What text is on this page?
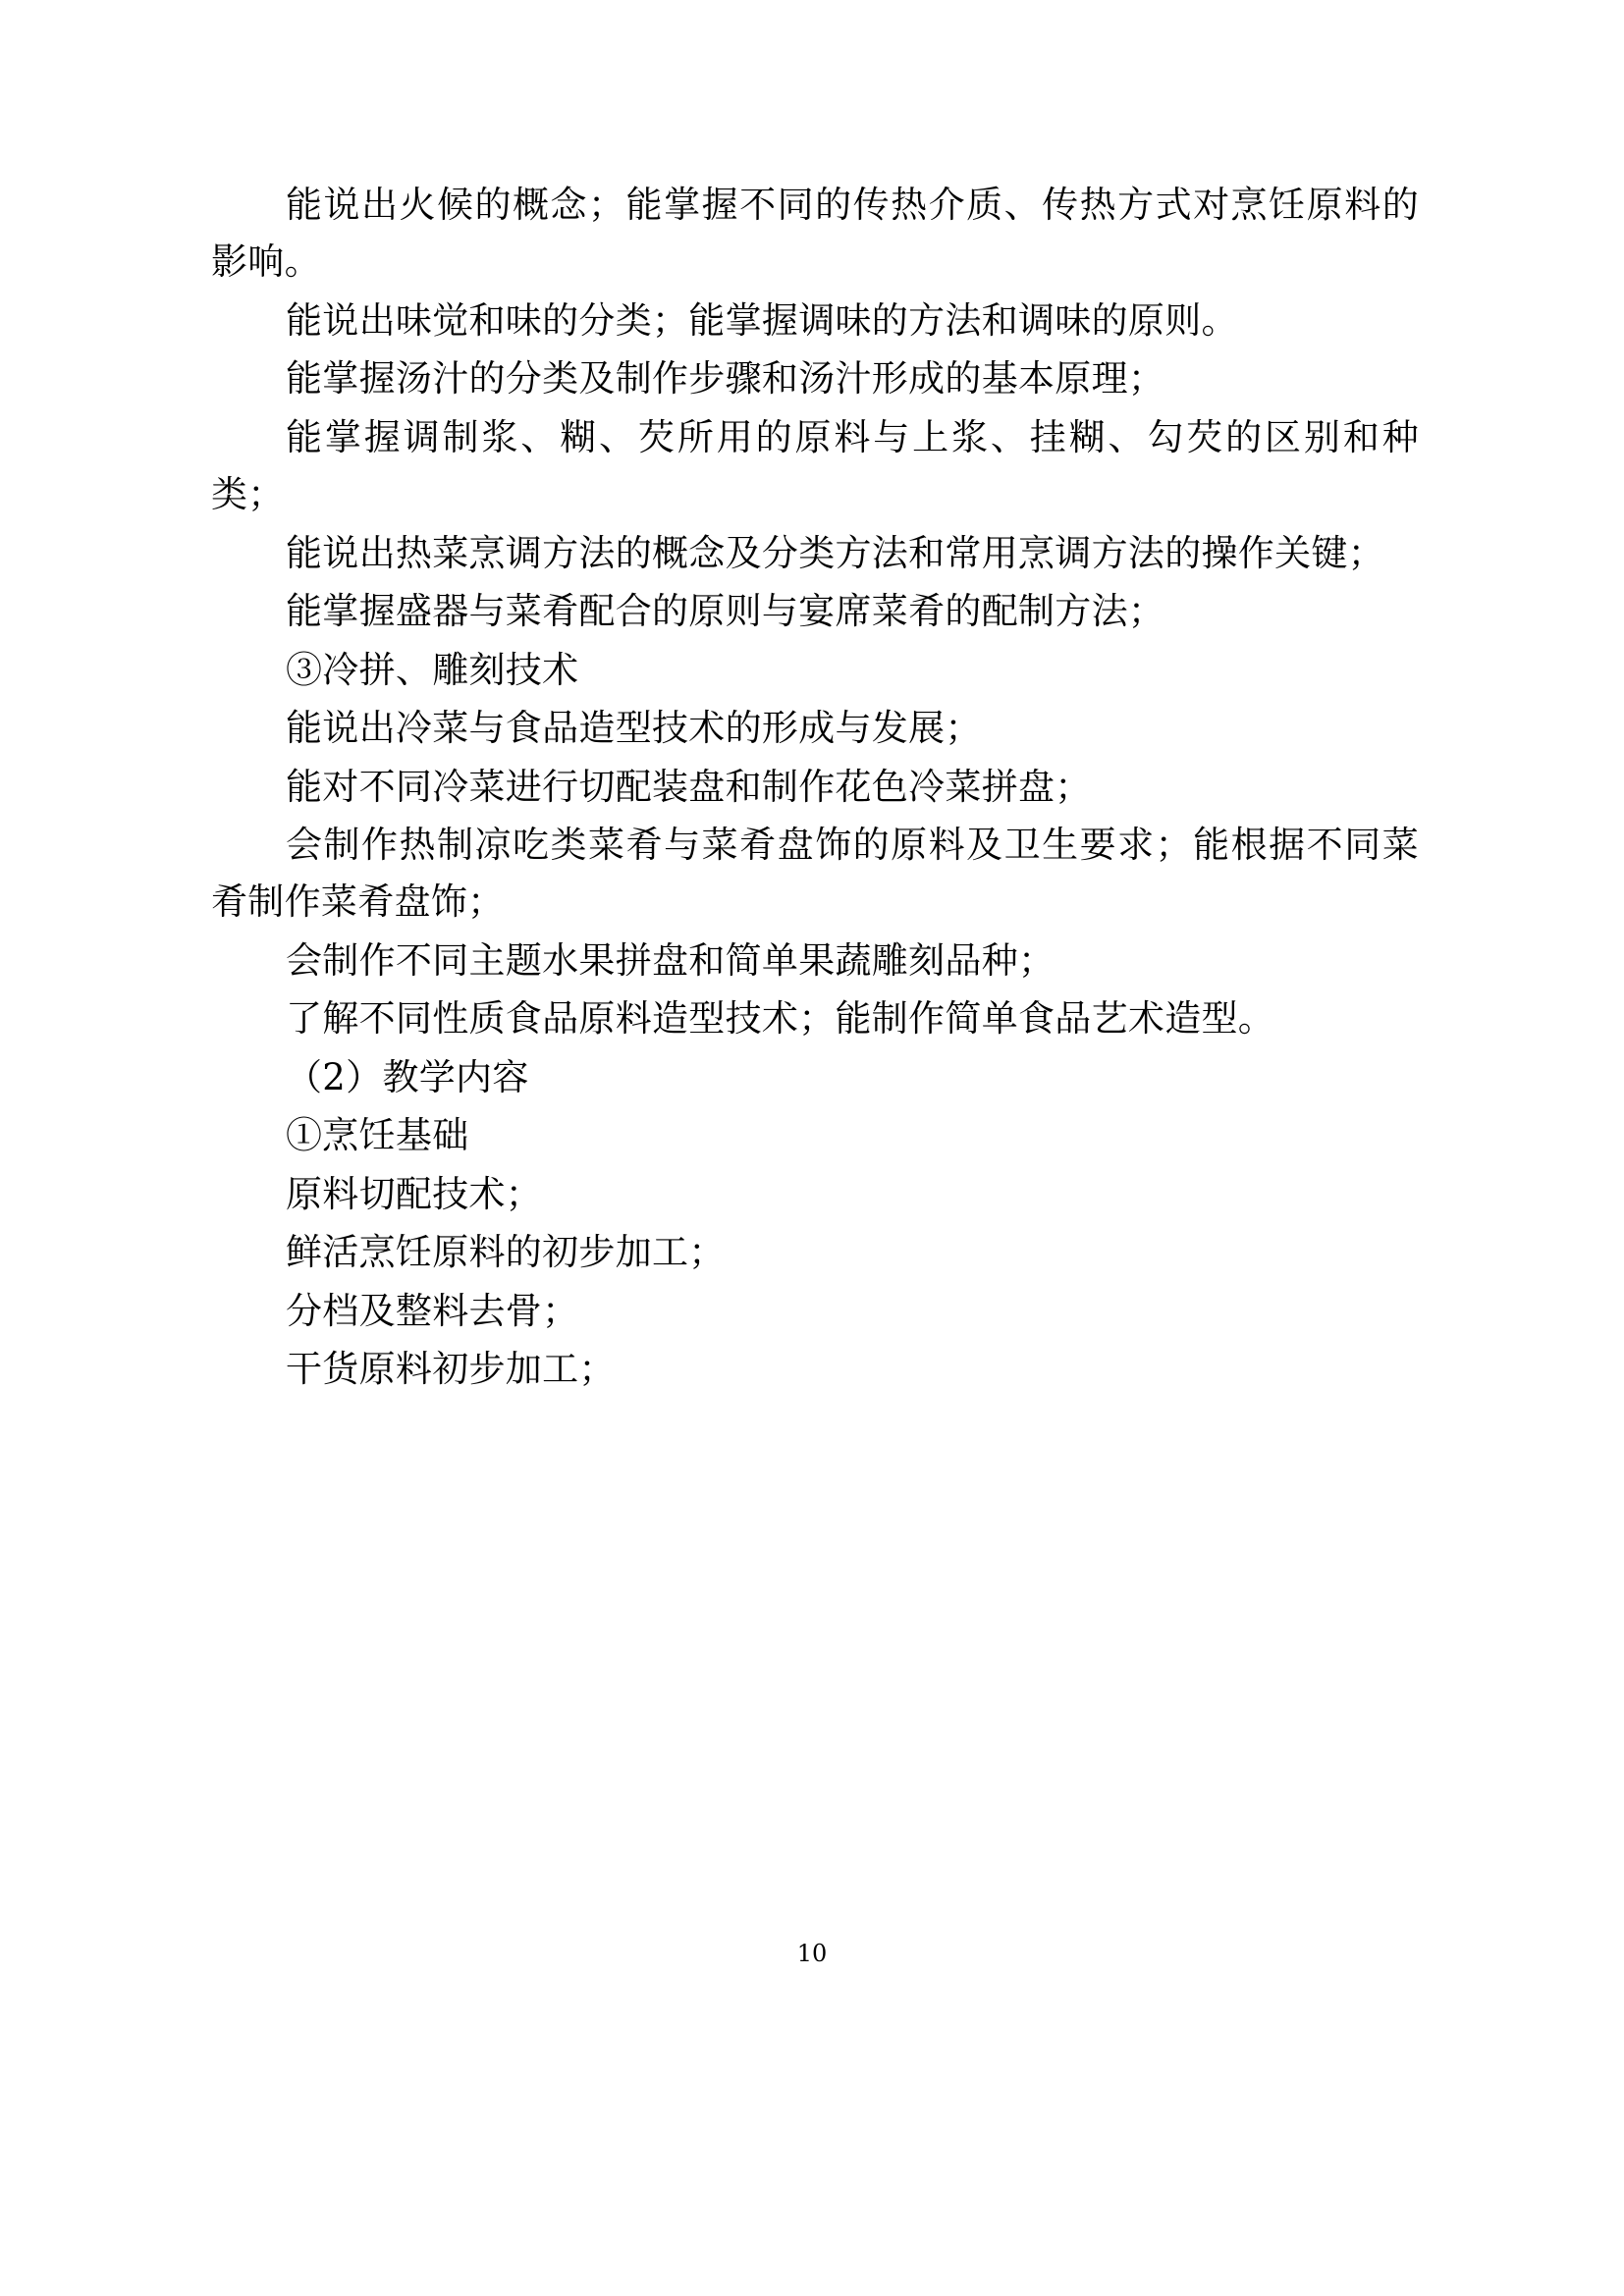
能说出火候的概念；能掌握不同的传热介质、传热方式对烹饪原料的影响。

能说出味觉和味的分类；能掌握调味的方法和调味的原则。

能掌握汤汁的分类及制作步骤和汤汁形成的基本原理；

能掌握调制浆、糊、芡所用的原料与上浆、挂糊、勾芡的区别和种类；

能说出热菜烹调方法的概念及分类方法和常用烹调方法的操作关键；

能掌握盛器与菜肴配合的原则与宴席菜肴的配制方法；

③冷拼、雕刻技术

能说出冷菜与食品造型技术的形成与发展；

能对不同冷菜进行切配装盘和制作花色冷菜拼盘；

会制作热制凉吃类菜肴与菜肴盘饰的原料及卫生要求；能根据不同菜肴制作菜肴盘饰；

会制作不同主题水果拼盘和简单果蔬雕刻品种；

了解不同性质食品原料造型技术；能制作简单食品艺术造型。

（2）教学内容

①烹饪基础

原料切配技术；

鲜活烹饪原料的初步加工；

分档及整料去骨；

干货原料初步加工；

10
